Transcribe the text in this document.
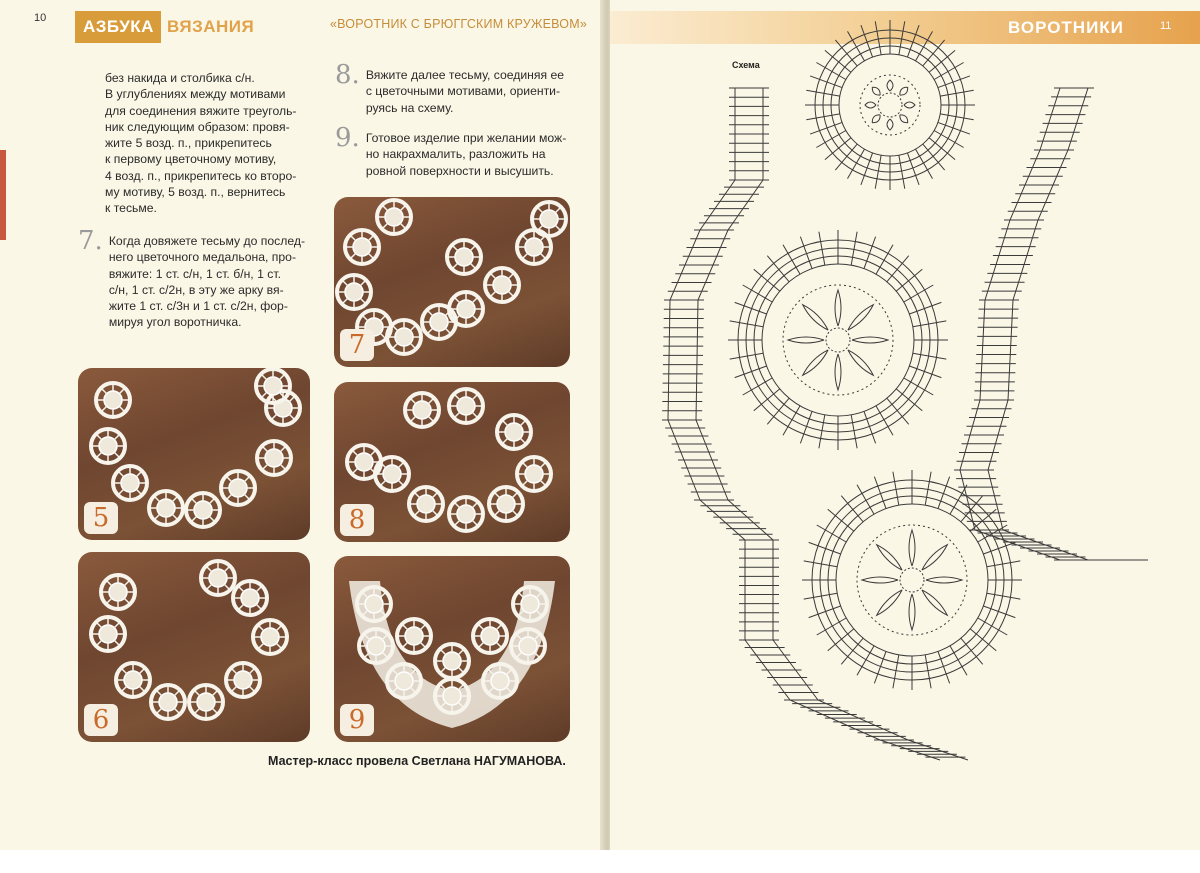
10 АЗБУКА ВЯЗАНИЯ	«ВОРОТНИК С БРЮГГСКИМ КРУЖЕВОМ»
без накида и столбика с/н.
В углублениях между мотивами
для соединения вяжите треуголь-
ник следующим образом: провя-
жите 5 возд. п., прикрепитесь
к первому цветочному мотиву,
4 возд. п., прикрепитесь ко второ-
му мотиву, 5 возд. п., вернитесь
к тесьме.
7. Когда довяжете тесьму до послед-
него цветочного медальона, про-
вяжите: 1 ст. с/н, 1 ст. б/н, 1 ст.
с/н, 1 ст. с/2н, в эту же арку вя-
жите 1 ст. с/3н и 1 ст. с/2н, фор-
мируя угол воротничка.
8. Вяжите далее тесьму, соединяя ее
с цветочными мотивами, ориенти-
руясь на схему.
9. Готовое изделие при желании мож-
но накрахмалить, разложить на
ровной поверхности и высушить.
7
5	8
6	9
Мастер-класс провела Светлана НАГУМАНОВА.
ВОРОТНИКИ	11
Схема
